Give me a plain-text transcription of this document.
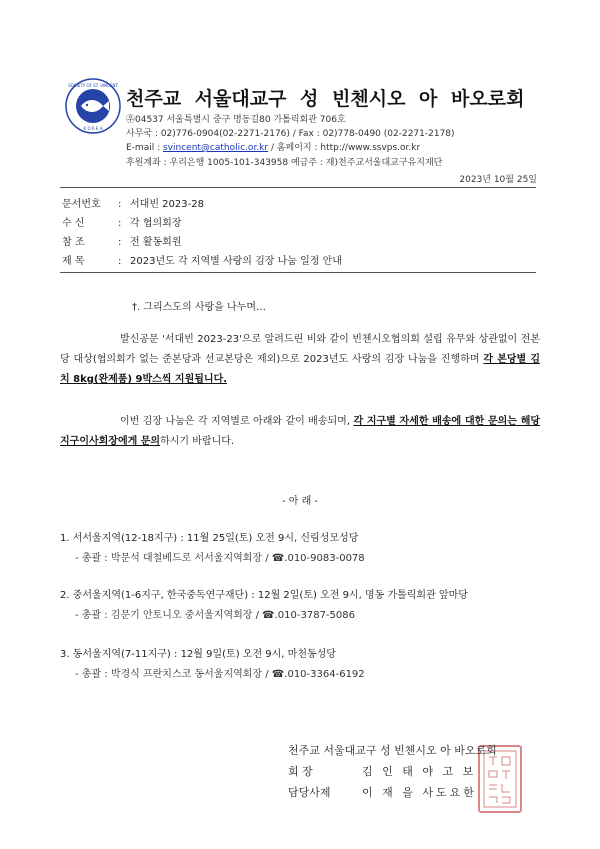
SOCIETY OF ST. VINCENT
K O R E A
천주교 서울대교구 성 빈첸시오 아 바오로회
㉾04537 서울특별시 중구 명동길80 가톨릭회관 706호
사무국 : 02)776-0904(02-2271-2176) / Fax : 02)778-0490 (02-2271-2178)
E-mail : svincent@catholic.or.kr / 홈페이지 : http://www.ssvps.or.kr
후원계좌 : 우리은행 1005-101-343958 예금주 : 재)천주교서울대교구유지재단
2023년 10월 25일
문서번호 : 서대빈 2023-28
수 신	: 각 협의회장
참 조	: 전 활동회원
제 목	: 2023년도 각 지역별 사랑의 김장 나눔 일정 안내
†. 그리스도의 사랑을 나누며…
발신공문 '서대빈 2023-23'으로 알려드린 비와 같이 빈첸시오협의회 설립 유무와 상관없이 전본당 대상(협의회가 없는 준본당과 선교본당은 제외)으로 2023년도 사랑의 김장 나눔을 진행하며 각 본당별 김치 8kg(완제품) 9박스씩 지원됩니다.
이번 김장 나눔은 각 지역별로 아래와 같이 배송되며, 각 지구별 자세한 배송에 대한 문의는 해당 지구이사회장에게 문의하시기 바랍니다.
- 아 래 -
1. 서서울지역(12-18지구) : 11월 25일(토) 오전 9시, 신림성모성당
- 총괄 : 박문석 대철베드로 서서울지역회장 / ☎.010-9083-0078
2. 중서울지역(1-6지구, 한국중독연구재단) : 12월 2일(토) 오전 9시, 명동 가톨릭회관 앞마당
- 총괄 : 김문기 안토니오 중서울지역회장 / ☎.010-3787-5086
3. 동서울지역(7-11지구) : 12월 9일(토) 오전 9시, 마천동성당
- 총괄 : 박경식 프란치스코 동서울지역회장 / ☎.010-3364-6192
천주교 서울대교구 성 빈첸시오 아 바오로회
회 장	김 인 태 야 고 보
담당사제	이 재 을 사도요한
